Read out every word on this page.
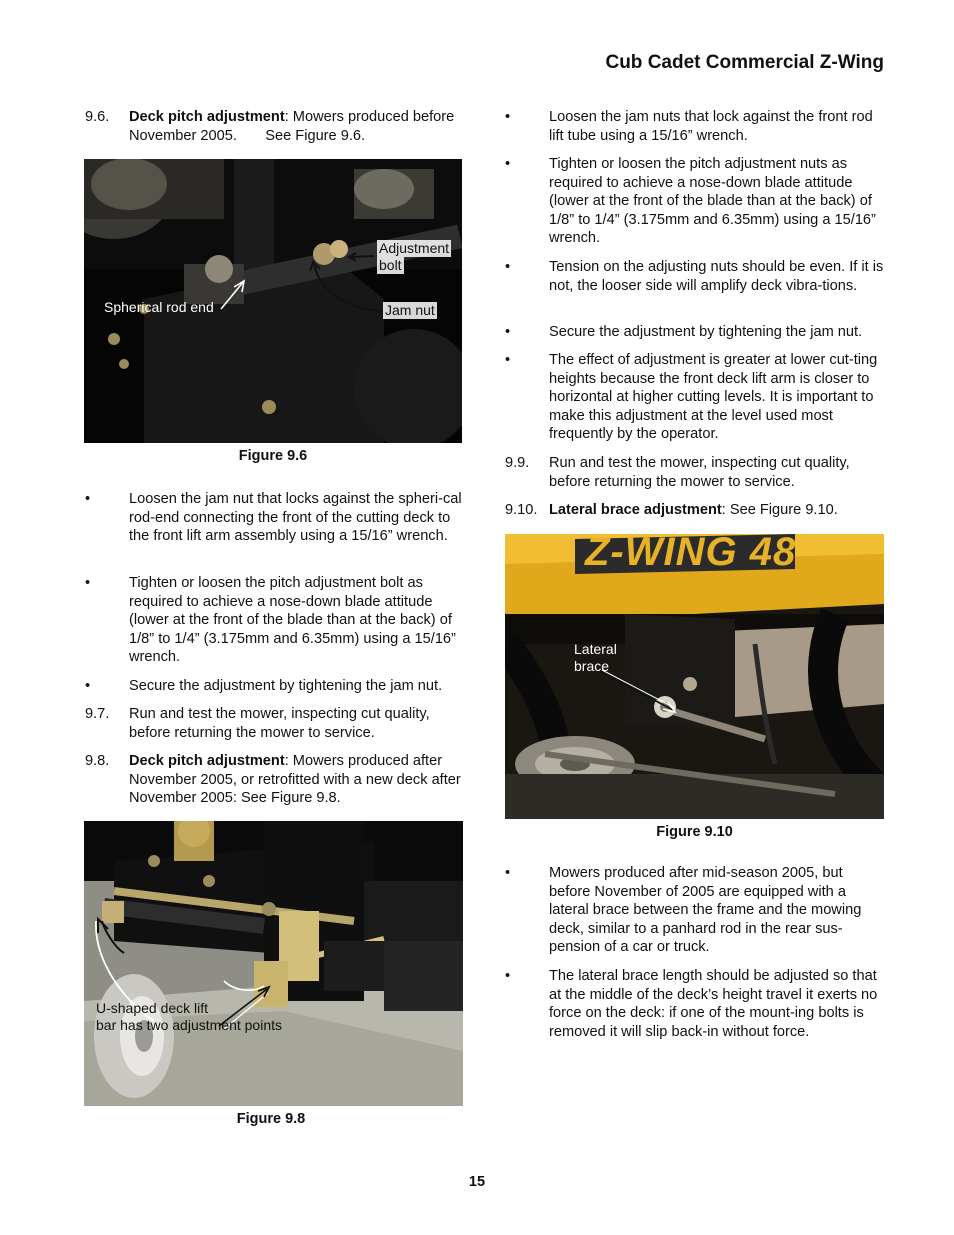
Cub Cadet Commercial Z-Wing
9.6.	Deck pitch adjustment: Mowers produced before November 2005.       See Figure 9.6.
Spherical rod end
Adjustment
bolt
Jam nut
Figure 9.6
•	Loosen the jam nut that locks against the spheri-cal rod-end connecting the front of the cutting deck to the front lift arm assembly using a 15/16” wrench.
•	Tighten or loosen the pitch adjustment bolt as required to achieve a nose-down blade attitude (lower at the front of the blade than at the back) of 1/8” to 1/4” (3.175mm and 6.35mm) using a 15/16” wrench.
•	Secure the adjustment by tightening the jam nut.
9.7.	Run and test the mower, inspecting cut quality, before returning the mower to service.
9.8.	Deck pitch adjustment: Mowers produced after November 2005, or retrofitted with a new deck after November 2005: See Figure 9.8.
U-shaped deck lift
bar has two adjustment points
Figure 9.8
•	Loosen the jam nuts that lock against the front rod lift tube using a 15/16” wrench.
•	Tighten or loosen the pitch adjustment nuts as required to achieve a nose-down blade attitude (lower at the front of the blade than at the back) of 1/8” to 1/4” (3.175mm and 6.35mm) using a 15/16” wrench.
•	Tension on the adjusting nuts should be even. If it is not, the looser side will amplify deck vibra-tions.
•	Secure the adjustment by tightening the jam nut.
•	The effect of adjustment is greater at lower cut-ting heights because the front deck lift arm is closer to horizontal at higher cutting levels. It is important to make this adjustment at the level used most frequently by the operator.
9.9.	Run and test the mower, inspecting cut quality, before returning the mower to service.
9.10. Lateral brace adjustment: See Figure 9.10.
Z-WING 48
Lateral
brace
Figure 9.10
•	Mowers produced after mid-season 2005, but before November of 2005 are equipped with a lateral brace between the frame and the mowing deck, similar to a panhard rod in the rear sus-pension of a car or truck.
•	The lateral brace length should be adjusted so that at the middle of the deck’s height travel it exerts no force on the deck: if one of the mount-ing bolts is removed it will slip back-in without force.
15
